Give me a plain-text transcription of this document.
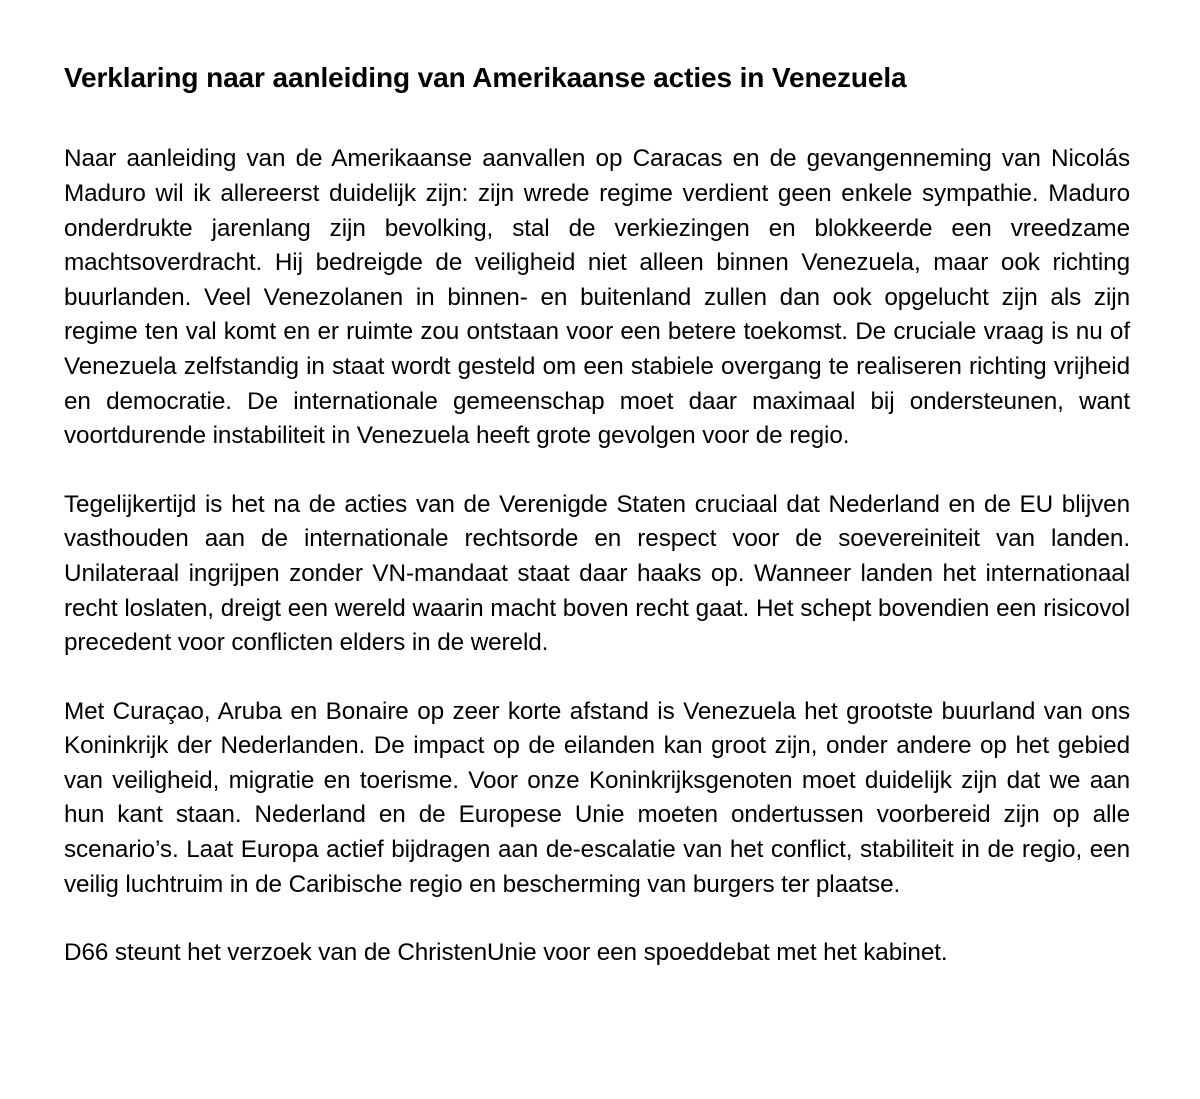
Verklaring naar aanleiding van Amerikaanse acties in Venezuela

Naar aanleiding van de Amerikaanse aanvallen op Caracas en de gevangenneming van Nicolás Maduro wil ik allereerst duidelijk zijn: zijn wrede regime verdient geen enkele sympathie. Maduro onderdrukte jarenlang zijn bevolking, stal de verkiezingen en blokkeerde een vreedzame machtsoverdracht. Hij bedreigde de veiligheid niet alleen binnen Venezuela, maar ook richting buurlanden. Veel Venezolanen in binnen- en buitenland zullen dan ook opgelucht zijn als zijn regime ten val komt en er ruimte zou ontstaan voor een betere toekomst. De cruciale vraag is nu of Venezuela zelfstandig in staat wordt gesteld om een stabiele overgang te realiseren richting vrijheid en democratie. De internationale gemeenschap moet daar maximaal bij ondersteunen, want voortdurende instabiliteit in Venezuela heeft grote gevolgen voor de regio.

Tegelijkertijd is het na de acties van de Verenigde Staten cruciaal dat Nederland en de EU blijven vasthouden aan de internationale rechtsorde en respect voor de soevereiniteit van landen. Unilateraal ingrijpen zonder VN-mandaat staat daar haaks op. Wanneer landen het internationaal recht loslaten, dreigt een wereld waarin macht boven recht gaat. Het schept bovendien een risicovol precedent voor conflicten elders in de wereld.

Met Curaçao, Aruba en Bonaire op zeer korte afstand is Venezuela het grootste buurland van ons Koninkrijk der Nederlanden. De impact op de eilanden kan groot zijn, onder andere op het gebied van veiligheid, migratie en toerisme. Voor onze Koninkrijksgenoten moet duidelijk zijn dat we aan hun kant staan. Nederland en de Europese Unie moeten ondertussen voorbereid zijn op alle scenario’s. Laat Europa actief bijdragen aan de-escalatie van het conflict, stabiliteit in de regio, een veilig luchtruim in de Caribische regio en bescherming van burgers ter plaatse.

D66 steunt het verzoek van de ChristenUnie voor een spoeddebat met het kabinet.
